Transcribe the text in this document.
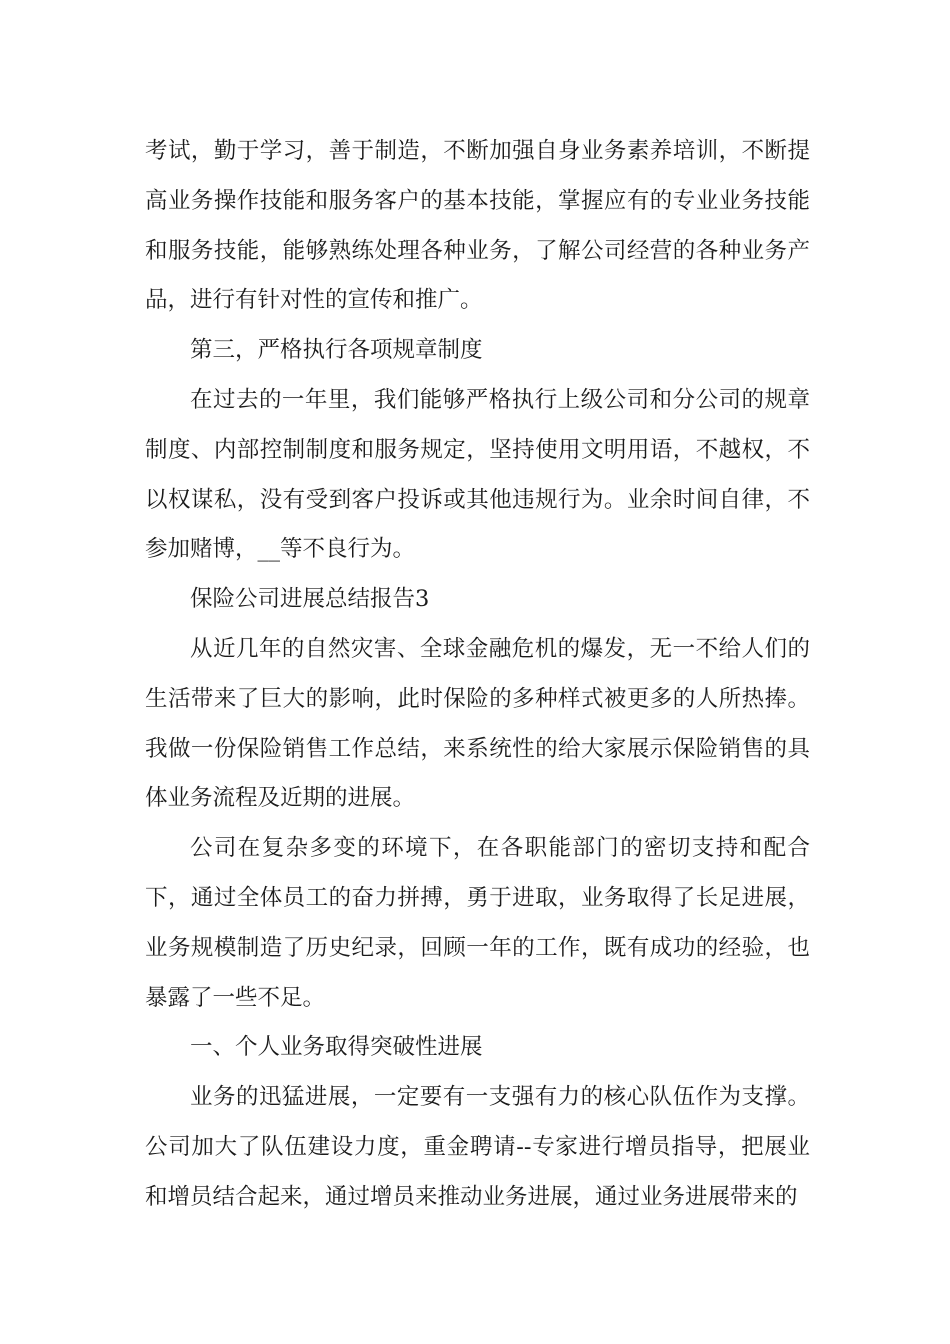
考试，勤于学习，善于制造，不断加强自身业务素养培训，不断提高业务操作技能和服务客户的基本技能，掌握应有的专业业务技能和服务技能，能够熟练处理各种业务，了解公司经营的各种业务产品，进行有针对性的宣传和推广。

第三，严格执行各项规章制度

在过去的一年里，我们能够严格执行上级公司和分公司的规章制度、内部控制制度和服务规定，坚持使用文明用语，不越权，不以权谋私，没有受到客户投诉或其他违规行为。业余时间自律，不参加赌博，__等不良行为。

保险公司进展总结报告3

从近几年的自然灾害、全球金融危机的爆发，无一不给人们的生活带来了巨大的影响，此时保险的多种样式被更多的人所热捧。我做一份保险销售工作总结，来系统性的给大家展示保险销售的具体业务流程及近期的进展。

公司在复杂多变的环境下，在各职能部门的密切支持和配合下，通过全体员工的奋力拼搏，勇于进取，业务取得了长足进展，业务规模制造了历史纪录，回顾一年的工作，既有成功的经验，也暴露了一些不足。

一、个人业务取得突破性进展

业务的迅猛进展，一定要有一支强有力的核心队伍作为支撑。公司加大了队伍建设力度，重金聘请--专家进行增员指导，把展业和增员结合起来，通过增员来推动业务进展，通过业务进展带来的
